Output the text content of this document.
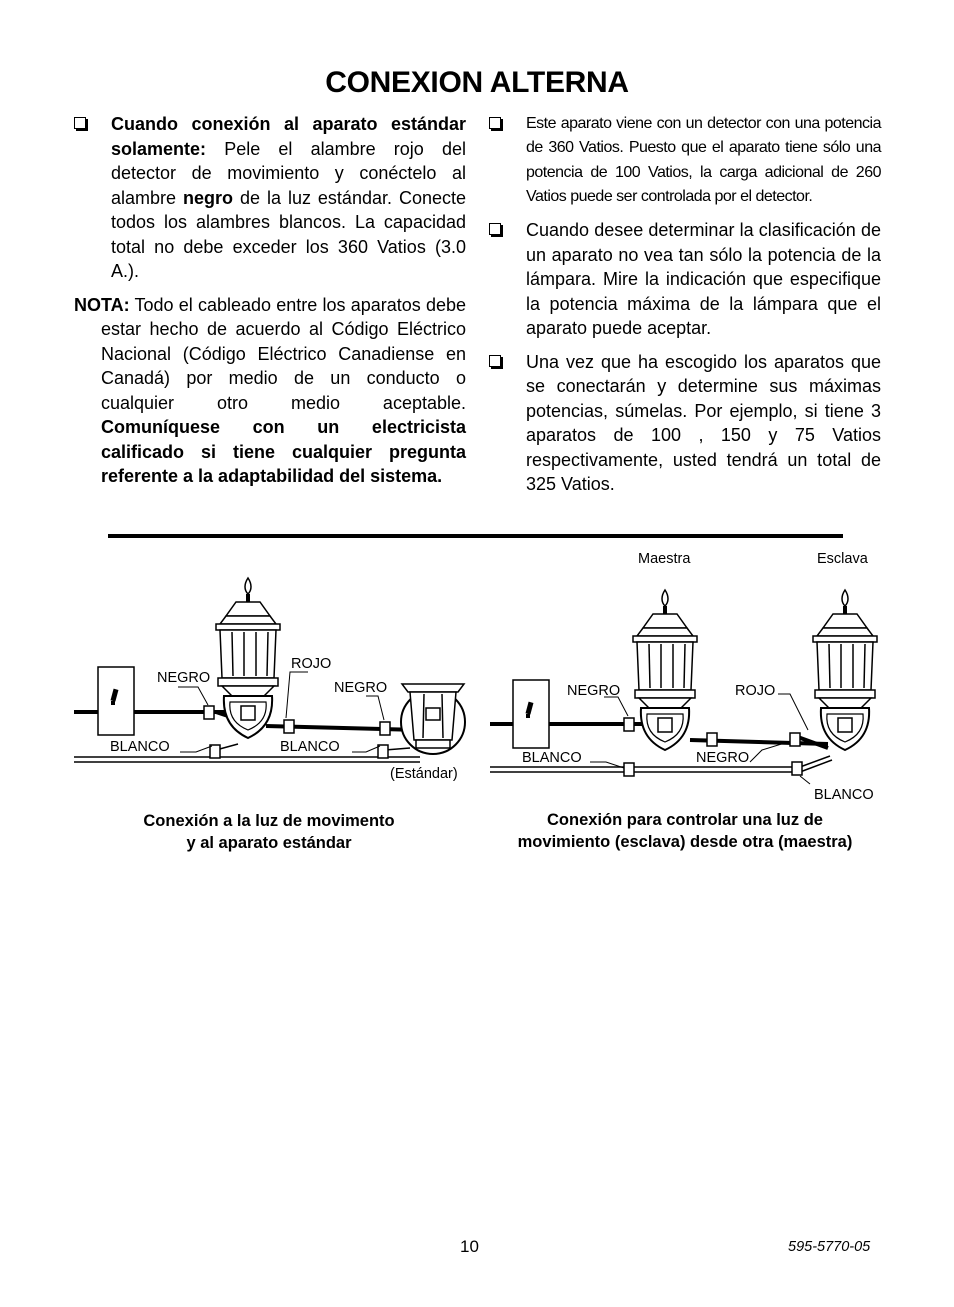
CONEXION ALTERNA
Cuando conexión al aparato estándar solamente: Pele el alambre rojo del detector de movimiento y conéctelo al alambre negro de la luz estándar. Conecte todos los alambres blancos. La capacidad total no debe exceder los 360 Vatios (3.0 A.).
NOTA: Todo el cableado entre los aparatos debe estar hecho de acuerdo al Código Eléctrico Nacional (Código Eléctrico Canadiense en Canadá) por medio de un conducto o cualquier otro medio aceptable. Comuníquese con un electricista calificado si tiene cualquier pregunta referente a la adaptabilidad del sistema.
Este aparato viene con un detector con una potencia de 360 Vatios. Puesto que el aparato tiene sólo una potencia de 100 Vatios, la carga adicional de 260 Vatios puede ser controlada por el detector.
Cuando desee determinar la clasificación de un aparato no vea tan sólo la potencia de la lámpara. Mire la indicación que especifique la potencia máxima de la lámpara que el aparato puede aceptar.
Una vez que ha escogido los aparatos que se conectarán y determine sus máximas potencias, súmelas. Por ejemplo, si tiene 3 aparatos de 100 , 150 y 75 Vatios respectivamente, usted tendrá un total de 325 Vatios.
NEGRO
ROJO
NEGRO
BLANCO	BLANCO
(Estándar)
Maestra	Esclava
NEGRO	ROJO
BLANCO	NEGRO
BLANCO
Conexión a la luz de movimento
y al aparato estándar
Conexión para controlar una luz de
movimiento (esclava) desde otra (maestra)
10	595-5770-05
